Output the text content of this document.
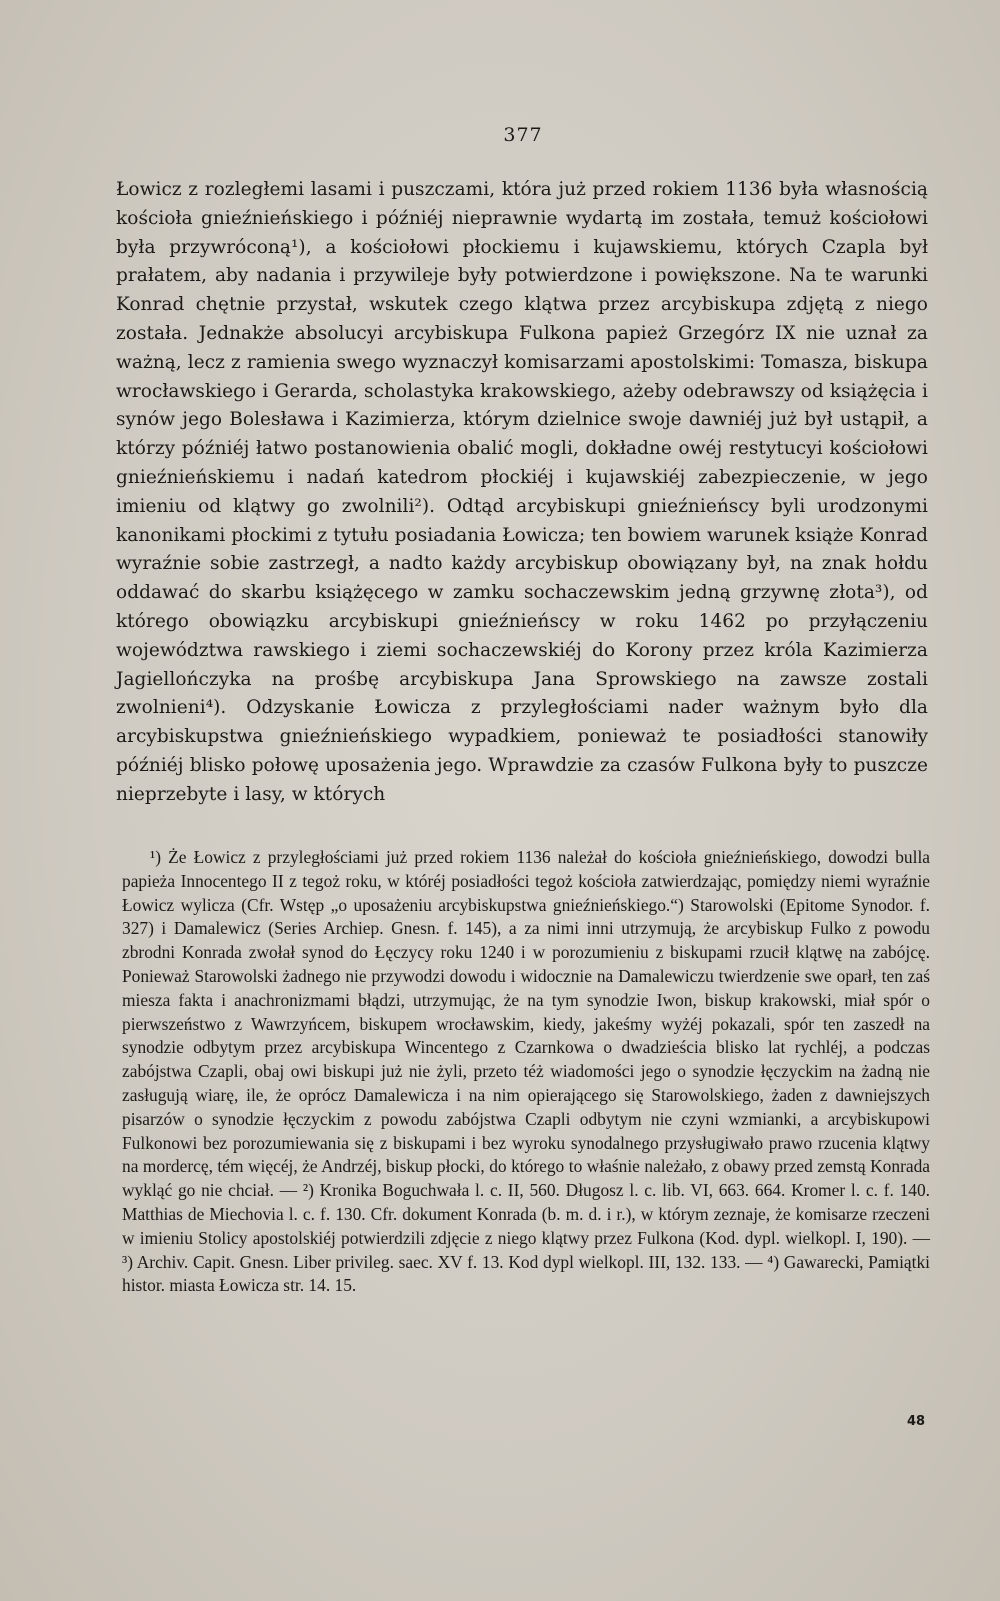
377

Łowicz z rozległemi lasami i puszczami, która już przed rokiem 1136 była własnością kościoła gnieźnieńskiego i późniéj nieprawnie wydartą im została, temuż kościołowi była przywróconą¹), a kościołowi płockiemu i kujawskiemu, których Czapla był prałatem, aby nadania i przywileje były potwierdzone i powiększone. Na te warunki Konrad chętnie przystał, wskutek czego klątwa przez arcybiskupa zdjętą z niego została. Jednakże absolucyi arcybiskupa Fulkona papież Grzegórz IX nie uznał za ważną, lecz z ramienia swego wyznaczył komisarzami apostolskimi: Tomasza, biskupa wrocławskiego i Gerarda, scholastyka krakowskiego, ażeby odebrawszy od książęcia i synów jego Bolesława i Kazimierza, którym dzielnice swoje dawniéj już był ustąpił, a którzy późniéj łatwo postanowienia obalić mogli, dokładne owéj restytucyi kościołowi gnieźnieńskiemu i nadań katedrom płockiéj i kujawskiéj zabezpieczenie, w jego imieniu od klątwy go zwolnili²). Odtąd arcybiskupi gnieźnieńscy byli urodzonymi kanonikami płockimi z tytułu posiadania Łowicza; ten bowiem warunek książe Konrad wyraźnie sobie zastrzegł, a nadto każdy arcybiskup obowiązany był, na znak hołdu oddawać do skarbu książęcego w zamku sochaczewskim jedną grzywnę złota³), od którego obowiązku arcybiskupi gnieźnieńscy w roku 1462 po przyłączeniu województwa rawskiego i ziemi sochaczewskiéj do Korony przez króla Kazimierza Jagiellończyka na prośbę arcybiskupa Jana Sprowskiego na zawsze zostali zwolnieni⁴). Odzyskanie Łowicza z przyległościami nader ważnym było dla arcybiskupstwa gnieźnieńskiego wypadkiem, ponieważ te posiadłości stanowiły późniéj blisko połowę uposażenia jego. Wprawdzie za czasów Fulkona były to puszcze nieprzebyte i lasy, w których

¹) Że Łowicz z przyległościami już przed rokiem 1136 należał do kościoła gnieźnieńskiego, dowodzi bulla papieża Innocentego II z tegoż roku, w któréj posiadłości tegoż kościoła zatwierdzając, pomiędzy niemi wyraźnie Łowicz wylicza (Cfr. Wstęp „o uposażeniu arcybiskupstwa gnieźnieńskiego.“) Starowolski (Epitome Synodor. f. 327) i Damalewicz (Series Archiep. Gnesn. f. 145), a za nimi inni utrzymują, że arcybiskup Fulko z powodu zbrodni Konrada zwołał synod do Łęczycy roku 1240 i w porozumieniu z biskupami rzucił klątwę na zabójcę. Ponieważ Starowolski żadnego nie przywodzi dowodu i widocznie na Damalewiczu twierdzenie swe oparł, ten zaś miesza fakta i anachronizmami błądzi, utrzymując, że na tym synodzie Iwon, biskup krakowski, miał spór o pierwszeństwo z Wawrzyńcem, biskupem wrocławskim, kiedy, jakeśmy wyżéj pokazali, spór ten zaszedł na synodzie odbytym przez arcybiskupa Wincentego z Czarnkowa o dwadzieścia blisko lat rychléj, a podczas zabójstwa Czapli, obaj owi biskupi już nie żyli, przeto téż wiadomości jego o synodzie łęczyckim na żadną nie zasługują wiarę, ile, że oprócz Damalewicza i na nim opierającego się Starowolskiego, żaden z dawniejszych pisarzów o synodzie łęczyckim z powodu zabójstwa Czapli odbytym nie czyni wzmianki, a arcybiskupowi Fulkonowi bez porozumiewania się z biskupami i bez wyroku synodalnego przysługiwało prawo rzucenia klątwy na mordercę, tém więcéj, że Andrzéj, biskup płocki, do którego to właśnie należało, z obawy przed zemstą Konrada wykląć go nie chciał. — ²) Kronika Boguchwała l. c. II, 560. Długosz l. c. lib. VI, 663. 664. Kromer l. c. f. 140. Matthias de Miechovia l. c. f. 130. Cfr. dokument Konrada (b. m. d. i r.), w którym zeznaje, że komisarze rzeczeni w imieniu Stolicy apostolskiéj potwierdzili zdjęcie z niego klątwy przez Fulkona (Kod. dypl. wielkopl. I, 190). — ³) Archiv. Capit. Gnesn. Liber privileg. saec. XV f. 13. Kod dypl wielkopl. III, 132. 133. — ⁴) Gawarecki, Pamiątki histor. miasta Łowicza str. 14. 15.

48
